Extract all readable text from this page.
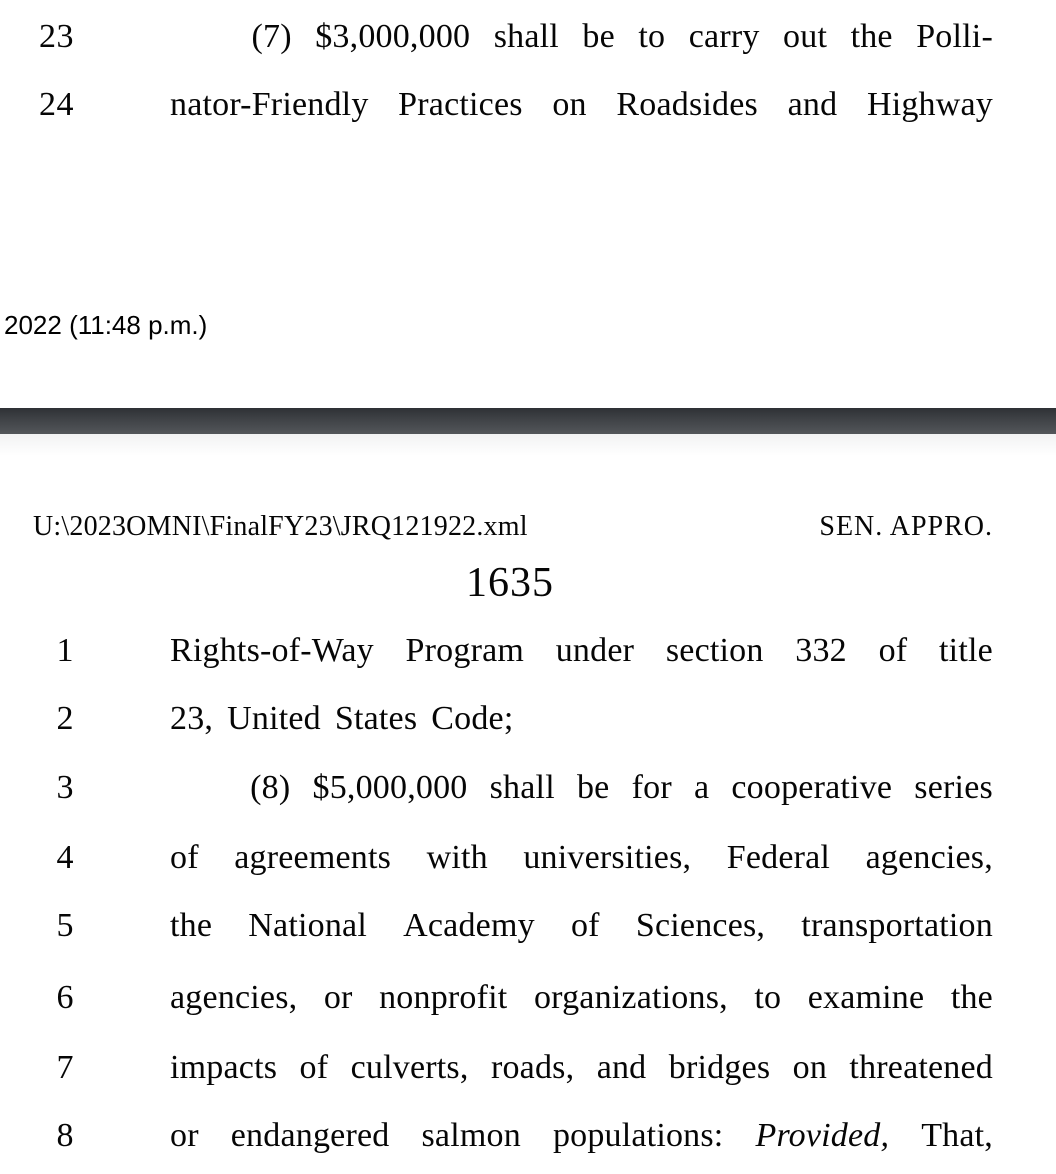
23	(7) $3,000,000 shall be to carry out the Polli-
24	nator-Friendly Practices on Roadsides and Highway
2022 (11:48 p.m.)
U:\2023OMNI\FinalFY23\JRQ121922.xml	SEN. APPRO.
1635
1	Rights-of-Way Program under section 332 of title
2	23, United States Code;
3	(8) $5,000,000 shall be for a cooperative series
4	of agreements with universities, Federal agencies,
5	the National Academy of Sciences, transportation
6	agencies, or nonprofit organizations, to examine the
7	impacts of culverts, roads, and bridges on threatened
8	or endangered salmon populations: Provided, That,
